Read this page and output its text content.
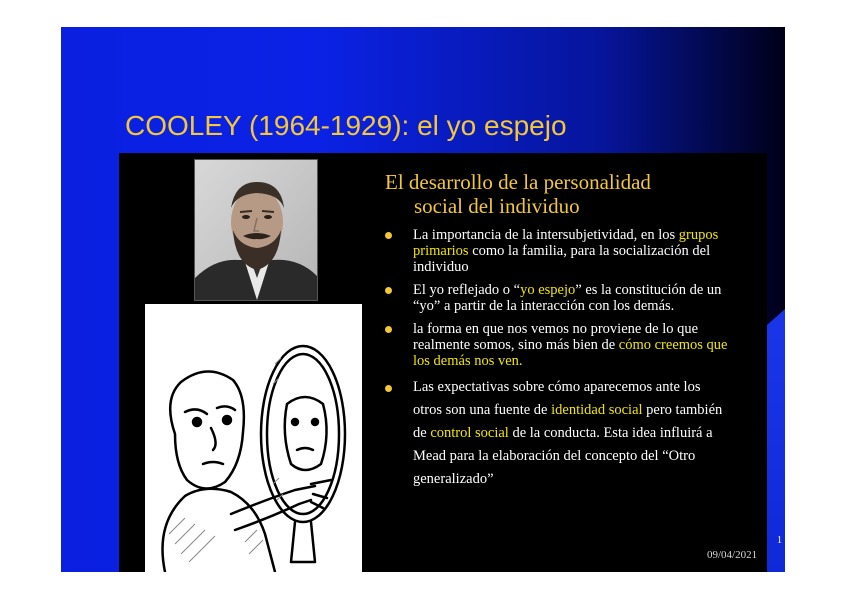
COOLEY (1964-1929): el yo espejo
El desarrollo de la personalidad
social del individuo
La importancia de la intersubjetividad, en los grupos primarios como la familia, para la socialización del individuo
El yo reflejado o “yo espejo” es la constitución de un “yo” a partir de la interacción con los demás.
la forma en que nos vemos no proviene de lo que realmente somos, sino más bien de cómo creemos que los demás nos ven.
Las expectativas sobre cómo aparecemos ante los otros son una fuente de identidad social pero también de control social de la conducta. Esta idea influirá a Mead para la elaboración del concepto del “Otro generalizado”
1
09/04/2021
